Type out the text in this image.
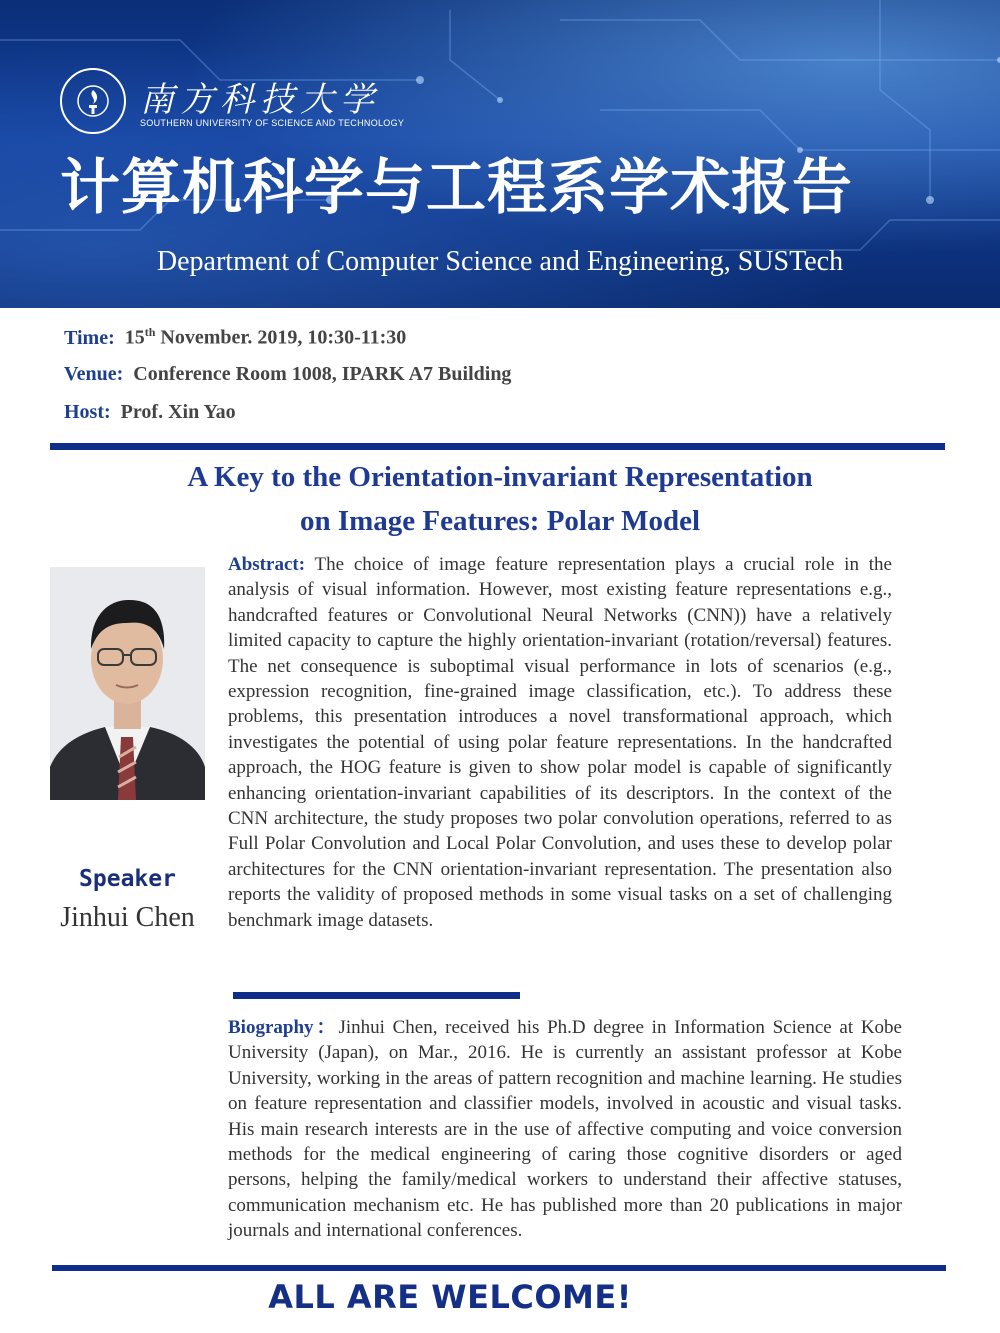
南方科技大学
SOUTHERN UNIVERSITY OF SCIENCE AND TECHNOLOGY
计算机科学与工程系学术报告
Department of Computer Science and Engineering, SUSTech
Time: 15th November. 2019, 10:30-11:30
Venue: Conference Room 1008, IPARK A7 Building
Host: Prof. Xin Yao
A Key to the Orientation-invariant Representation
on Image Features: Polar Model
Speaker
Jinhui Chen
Abstract: The choice of image feature representation plays a crucial role in the analysis of visual information. However, most existing feature representations e.g., handcrafted features or Convolutional Neural Networks (CNN)) have a relatively limited capacity to capture the highly orientation-invariant (rotation/reversal) features. The net consequence is suboptimal visual performance in lots of scenarios (e.g., expression recognition, fine-grained image classification, etc.). To address these problems, this presentation introduces a novel transformational approach, which investigates the potential of using polar feature representations. In the handcrafted approach, the HOG feature is given to show polar model is capable of significantly enhancing orientation-invariant capabilities of its descriptors. In the context of the CNN architecture, the study proposes two polar convolution operations, referred to as Full Polar Convolution and Local Polar Convolution, and uses these to develop polar architectures for the CNN orientation-invariant representation. The presentation also reports the validity of proposed methods in some visual tasks on a set of challenging benchmark image datasets.
Biography：Jinhui Chen, received his Ph.D degree in Information Science at Kobe University (Japan), on Mar., 2016. He is currently an assistant professor at Kobe University, working in the areas of pattern recognition and machine learning. He studies on feature representation and classifier models, involved in acoustic and visual tasks. His main research interests are in the use of affective computing and voice conversion methods for the medical engineering of caring those cognitive disorders or aged persons, helping the family/medical workers to understand their affective statuses, communication mechanism etc. He has published more than 20 publications in major journals and international conferences.
ALL ARE WELCOME!
